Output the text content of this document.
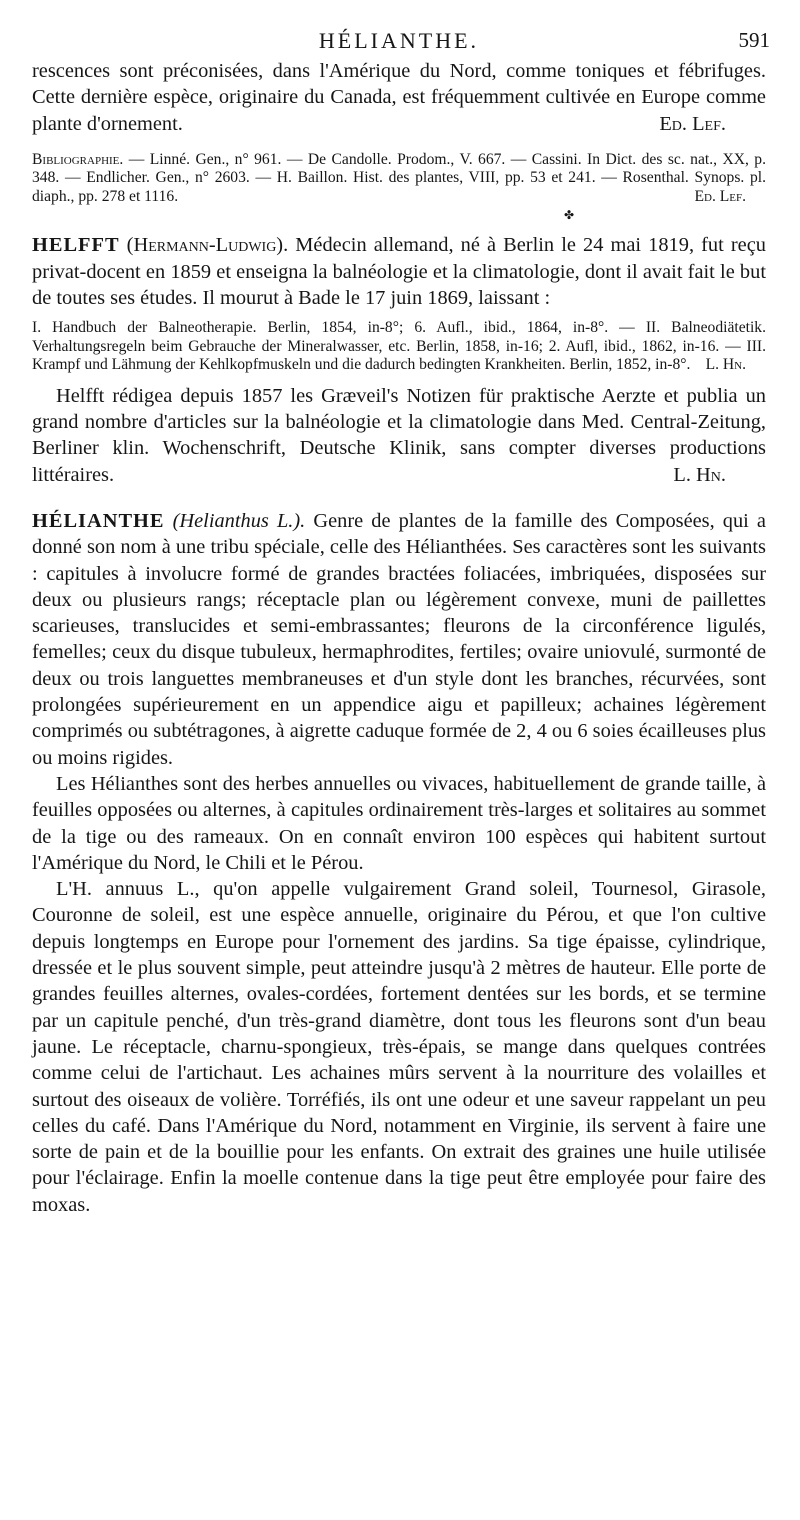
HÉLIANTHE.	591

rescences sont préconisées, dans l'Amérique du Nord, comme toniques et fébrifuges. Cette dernière espèce, originaire du Canada, est fréquemment cultivée en Europe comme plante d'ornement.	Ed. Lef.

Bibliographie. — Linné. Gen., n° 961. — De Candolle. Prodom., V. 667. — Cassini. In Dict. des sc. nat., XX, p. 348. — Endlicher. Gen., n° 2603. — H. Baillon. Hist. des plantes, VIII, pp. 53 et 241. — Rosenthal. Synops. pl. diaph., pp. 278 et 1116.	Ed. Lef.

✤

HELFFT (Hermann-Ludwig). Médecin allemand, né à Berlin le 24 mai 1819, fut reçu privat-docent en 1859 et enseigna la balnéologie et la climatologie, dont il avait fait le but de toutes ses études. Il mourut à Bade le 17 juin 1869, laissant :

I. Handbuch der Balneotherapie. Berlin, 1854, in-8°; 6. Aufl., ibid., 1864, in-8°. — II. Balneodiätetik. Verhaltungsregeln beim Gebrauche der Mineralwasser, etc. Berlin, 1858, in-16; 2. Aufl, ibid., 1862, in-16. — III. Krampf und Lähmung der Kehlkopfmuskeln und die dadurch bedingten Krankheiten. Berlin, 1852, in-8°. L. Hn.

Helfft rédigea depuis 1857 les Græveil's Notizen für praktische Aerzte et publia un grand nombre d'articles sur la balnéologie et la climatologie dans Med. Central-Zeitung, Berliner klin. Wochenschrift, Deutsche Klinik, sans compter diverses productions littéraires.	L. Hn.

HÉLIANTHE (Helianthus L.). Genre de plantes de la famille des Composées, qui a donné son nom à une tribu spéciale, celle des Hélianthées. Ses caractères sont les suivants : capitules à involucre formé de grandes bractées foliacées, imbriquées, disposées sur deux ou plusieurs rangs; réceptacle plan ou légèrement convexe, muni de paillettes scarieuses, translucides et semi-embrassantes; fleurons de la circonférence ligulés, femelles; ceux du disque tubuleux, hermaphrodites, fertiles; ovaire uniovulé, surmonté de deux ou trois languettes membraneuses et d'un style dont les branches, récurvées, sont prolongées supérieurement en un appendice aigu et papilleux; achaines légèrement comprimés ou subtétragones, à aigrette caduque formée de 2, 4 ou 6 soies écailleuses plus ou moins rigides.

Les Hélianthes sont des herbes annuelles ou vivaces, habituellement de grande taille, à feuilles opposées ou alternes, à capitules ordinairement très-larges et solitaires au sommet de la tige ou des rameaux. On en connaît environ 100 espèces qui habitent surtout l'Amérique du Nord, le Chili et le Pérou.

L'H. annuus L., qu'on appelle vulgairement Grand soleil, Tournesol, Girasole, Couronne de soleil, est une espèce annuelle, originaire du Pérou, et que l'on cultive depuis longtemps en Europe pour l'ornement des jardins. Sa tige épaisse, cylindrique, dressée et le plus souvent simple, peut atteindre jusqu'à 2 mètres de hauteur. Elle porte de grandes feuilles alternes, ovales-cordées, fortement dentées sur les bords, et se termine par un capitule penché, d'un très-grand diamètre, dont tous les fleurons sont d'un beau jaune. Le réceptacle, charnu-spongieux, très-épais, se mange dans quelques contrées comme celui de l'artichaut. Les achaines mûrs servent à la nourriture des volailles et surtout des oiseaux de volière. Torréfiés, ils ont une odeur et une saveur rappelant un peu celles du café. Dans l'Amérique du Nord, notamment en Virginie, ils servent à faire une sorte de pain et de la bouillie pour les enfants. On extrait des graines une huile utilisée pour l'éclairage. Enfin la moelle contenue dans la tige peut être employée pour faire des moxas.
